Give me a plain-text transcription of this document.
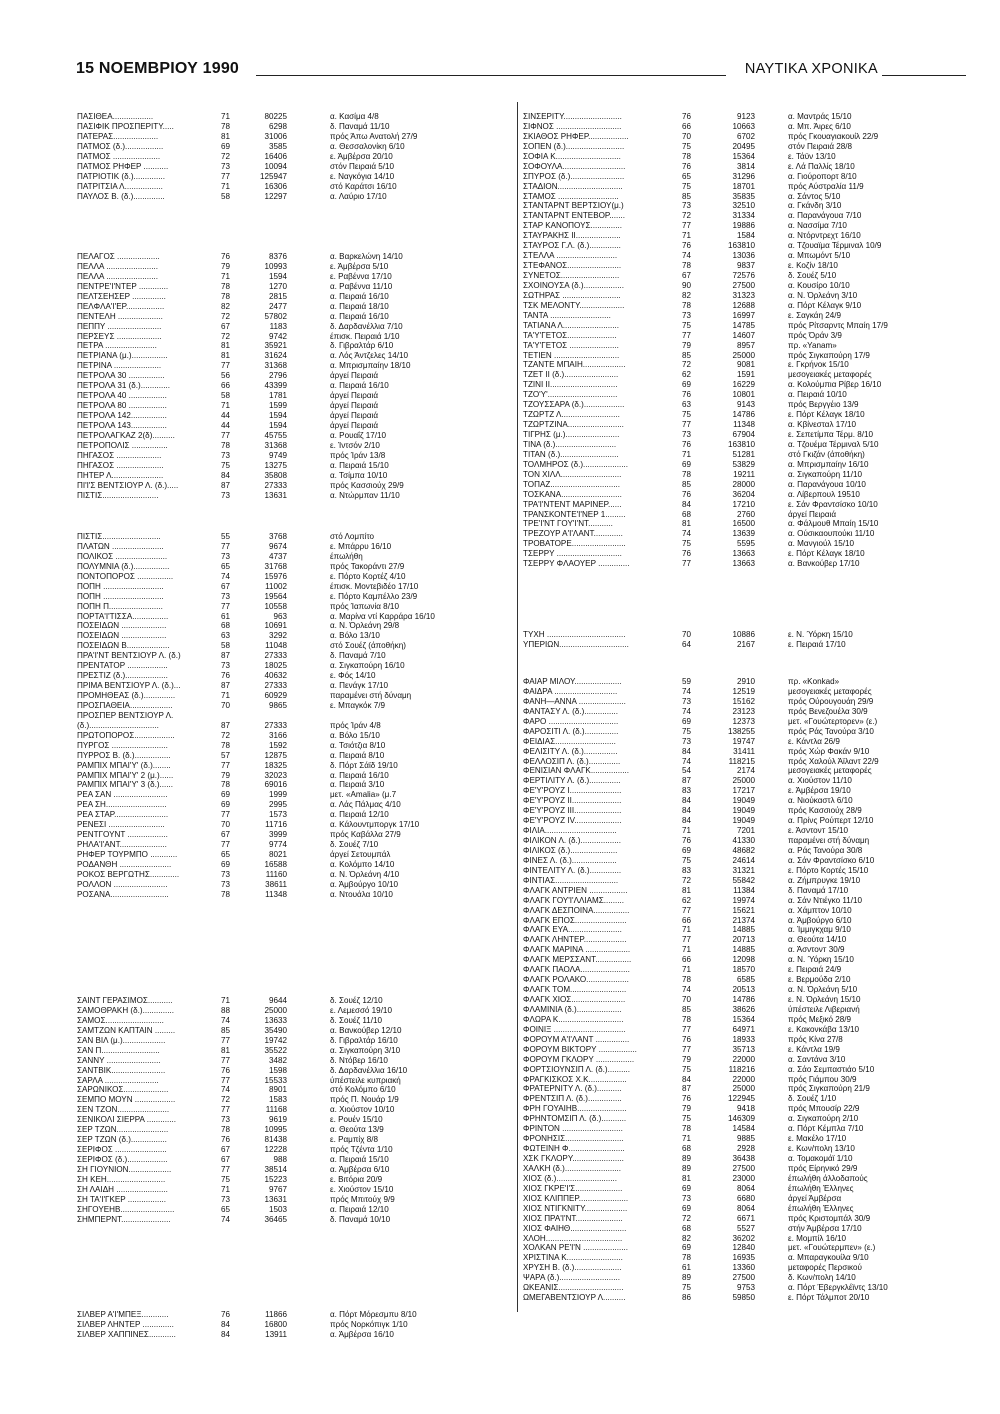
15 ΝΟΕΜΒΡΙΟΥ 1990	ΝΑΥΤΙΚΑ ΧΡΟΝΙΚΑ
ΠΑΣΙΘΕΑ..................	71	80225	α. Κασίμα 4/8
ΠΑΣΙΦΙΚ ΠΡΟΣΠΕΡΙΤΥ.....	78	6298	δ. Παναμά 11/10
ΠΑΤΕΡΑΣ....................	81	31006	πρός Άπω Ανατολή 27/9
ΠΑΤΜΟΣ (δ.).................	69	3585	α. Θεσσαλονίκη 6/10
ΠΑΤΜΟΣ .....................	72	16406	ε. Άμβέρσα 20/10
ΠΑΤΜΟΣ ΡΗΦΕΡ ...........	73	10094	στόν Πειραιά 5/10
ΠΑΤΡΙΟΤΙΚ (δ.)..............	77	125947	ε. Ναγκόγια 14/10
ΠΑΤΡΙΤΣΙΑ Λ.................	71	16306	στό Καράτσι 16/10
ΠΑΥΛΟΣ Β. (δ.)..............	58	12297	α. Λαύριο 17/10
ΠΕΛΑΓΟΣ ...................	76	8376	α. Βαρκελώνη 14/10
ΠΕΛΛΑ .......................	79	10993	ε. Άμβέρσα 5/10
ΠΕΛΛΑ .......................	71	1594	ε. Ραβέννα 17/10
ΠΕΝΤΡΕ'Ι'ΝΤΕΡ .............	78	1270	α. Ραβέννα 11/10
ΠΕΛΤΣΕΗΣΕΡ ...............	78	2815	α. Πειραιά 16/10
ΠΕΛΦΛΑ'Ι'ΕΡ.................	82	2477	α. Πειραιά 18/10
ΠΕΝΤΕΛΗ ....................	72	57802	α. Πειραιά 16/10
ΠΕΠΠΥ ........................	67	1183	δ. Δαρδανέλλια 7/10
ΠΕΡΣΕΥΣ ....................	72	9742	έπισκ. Πειραιά 1/10
ΠΕΤΡΑ .......................	81	35921	δ. Γιβραλτάρ 6/10
ΠΕΤΡΙΑΝΑ (μ.)................	81	31624	α. Λός Άντζελες 14/10
ΠΕΤΡΙΝΑ .....................	77	31368	α. Μπρισμπαίην 18/10
ΠΕΤΡΟΛΑ 30 ................	56	2796	άργεί Πειραιά
ΠΕΤΡΟΛΑ 31 (δ.).............	66	43399	α. Πειραιά 16/10
ΠΕΤΡΟΛΑ 40 .................	58	1781	άργεί Πειραιά
ΠΕΤΡΟΛΑ 80 .................	71	1599	άργεί Πειραιά
ΠΕΤΡΟΛΑ 142................	44	1594	άργεί Πειραιά
ΠΕΤΡΟΛΑ 143................	44	1594	άργεί Πειραιά
ΠΕΤΡΟΛΑΓΚΑΖ 2(δ)..........	77	45755	α. Ρουαΐζ 17/10
ΠΕΤΡΟΠΟΛΙΣ ................	78	31368	ε. Ίντσόν 2/10
ΠΗΓΑΣΟΣ ....................	73	9749	πρός Ίράν 13/8
ΠΗΓΑΣΟΣ .....................	75	13275	α. Πειραιά 15/10
ΠΗΤΕΡ Λ.......................	84	35808	α. Τσίμπα 10/10
ΠΙ'Ι'Σ ΒΕΝΤΣΙΟΥΡ Λ. (δ.).....	87	27333	πρός Κασσιούχ 29/9
ΠΙΣΤΙΣ.........................	73	13631	α. Ντώρμπαν 11/10
ΠΙΣΤΙΣ..........................	55	3768	στό Λομπίτο
ΠΛΑΤΩΝ .......................	77	9674	ε. Μπάρρυ 16/10
ΠΟΛΙΚΟΣ .......................	73	4737	έπωλήθη
ΠΟΛΥΜΝΙΑ (δ.)................	65	31768	πρός Τακοράντι 27/9
ΠΟΝΤΟΠΟΡΟΣ ................	74	15976	ε. Πόρτο Κορτέζ 4/10
ΠΟΠΗ ...........................	67	11002	έπισκ. Μοντεβιδέο 17/10
ΠΟΠΗ ...........................	73	19564	ε. Πόρτο Καμπέλλο 23/9
ΠΟΠΗ Π........................	77	10558	πρός Ίαπωνία 8/10
ΠΟΡΤΑ'Ι'ΤΙΣΣΑ................	61	963	α. Μαρίνα ντί Καρράρα 16/10
ΠΟΣΕΙΔΩΝ ....................	68	10691	α. Ν. Όρλεάνη 29/8
ΠΟΣΕΙΔΩΝ ....................	63	3292	α. Βόλο 13/10
ΠΟΣΕΙΔΩΝ Β...................	58	11048	στό Σουέζ (άποθήκη)
ΠΡΑ'Ι'ΝΤ ΒΕΝΤΣΙΟΥΡ Λ. (δ.)	87	27333	δ. Παναμά 7/10
ΠΡΕΝΤΑΤΟΡ ..................	73	18025	α. Σιγκαπούρη 16/10
ΠΡΕΣΤΙΖ (δ.)...................	76	40632	ε. Φός 14/10
ΠΡΙΜΑ ΒΕΝΤΣΙΟΥΡ Λ. (δ.)...	87	27333	α. Πενάγκ 17/10
ΠΡΟΜΗΘΕΑΣ (δ.)..............	71	60929	παραμένει στή δύναμη
ΠΡΟΣΠΑΘΕΙΑ...................	70	9865	ε. Μπαγκόκ 7/9
ΠΡΟΣΠΕΡ ΒΕΝΤΣΙΟΥΡ Λ.
(δ.)...............................	87	27333	πρός Ίράν 4/8
ΠΡΩΤΟΠΟΡΟΣ..................	72	3166	α. Βόλο 15/10
ΠΥΡΓΟΣ .........................	78	1592	α. Τσιότζια 8/10
ΠΥΡΡΟΣ Β. (δ.)................	57	12875	α. Πειραιά 8/10
ΡΑΜΠΙΧ ΜΠΑΙ'Υ' (δ.)........	77	18325	δ. Πόρτ Σάϊδ 19/10
ΡΑΜΠΙΧ ΜΠΑΙ'Υ' 2 (μ.)......	79	32023	α. Πειραιά 16/10
ΡΑΜΠΙΧ ΜΠΑΙ'Υ' 3 (δ.)......	78	69016	α. Πειραιά 3/10
ΡΕΑ ΣΑΝ ........................	69	1999	μετ. «Amalia» (μ.7
ΡΕΑ ΣΗ...........................	69	2995	α. Λάς Πάλμας 4/10
ΡΕΑ ΣΤΑΡ........................	77	1573	α. Πειραιά 12/10
ΡΕΝΕΣΙ .........................	70	11716	α. Κάλουντμποργκ 17/10
ΡΕΝΤΓΟΥΝΤ ..................	67	3999	πρός Καβάλλα 27/9
ΡΗΛΑ'Ι'ΑΝΤ.....................	77	9774	δ. Σουέζ 7/10
ΡΗΦΕΡ ΤΟΥΡΜΠΟ ............	65	8021	άργεί Σετουμπάλ
ΡΟΔΑΝΘΗ .......................	69	16588	α. Κολόμπο 14/10
ΡΟΚΟΣ ΒΕΡΓΩΤΗΣ.............	73	11160	α. Ν. Όρλεάνη 4/10
ΡΟΛΛΟΝ ........................	73	38611	α. Άμβούργο 10/10
ΡΟΣΑΝΑ..........................	78	11348	α. Ντουάλα 10/10
ΣΑΙΝΤ ΓΕΡΑΣΙΜΟΣ...........	71	9644	δ. Σουέζ 12/10
ΣΑΜΟΘΡΑΚΗ (δ.)..............	88	25000	ε. Λεμεσσό 19/10
ΣΑΜΟΣ..........................	74	13633	δ. Σουέζ 11/10
ΣΑΜΤΖΩΝ ΚΑΠΤΑΙΝ .........	85	35490	α. Βανκούβερ 12/10
ΣΑΝ ΒΙΛ (μ.)...................	77	19742	δ. Γιβραλτάρ 16/10
ΣΑΝ Π..........................	81	35522	α. Σιγκαπούρη 3/10
ΣΑΝΝΥ ........................	77	3482	δ. Ντόβερ 16/10
ΣΑΝΤΒΙΚ........................	76	1598	δ. Δαρδανέλλια 16/10
ΣΑΡΛΑ ........................	77	15533	ύπέστειλε κυπριακή
ΣΑΡΩΝΙΚΟΣ....................	74	8901	στό Κολόμπο 6/10
ΣΕΜΠΟ ΜΟΥΝ ..................	72	1583	πρός Π. Νουάρ 1/9
ΣΕΝ ΤΖΟΝ.......................	77	11168	α. Χιούστον 10/10
ΣΕΝΙΚΟΛΙ ΣΙΕΡΡΑ .............	73	9619	ε. Ρουέν 15/10
ΣΕΡ ΤΖΩΝ.......................	78	10995	α. Θεούτα 13/9
ΣΕΡ ΤΖΩΝ (δ.)................	76	81438	ε. Ραμπίχ 8/8
ΣΕΡΙΦΟΣ .......................	67	12228	πρός Τζέντα 1/10
ΣΕΡΙΦΟΣ (δ.)..................	67	988	α. Πειραιά 15/10
ΣΗ ΓΙΟΥΝΙΟΝ...................	77	38514	α. Άμβέρσα 6/10
ΣΗ ΚΕΗ..........................	75	15223	ε. Βιτόρια 20/9
ΣΗ ΛΑΙΔΗ .......................	71	9767	ε. Χιούστον 15/10
ΣΗ ΤΑ'Ι'ΓΚΕΡ .................	73	13631	πρός Μπιτούχ 9/9
ΣΗΓΟΥΕΗΒ........................	65	1503	α. Πειραιά 12/10
ΣΗΜΠΕΡΝΤ......................	74	36465	δ. Παναμά 10/10
ΣΙΛΒΕΡ Α'Ι'ΜΠΕΞ............	76	11866	α. Πόρτ Μόρεσμπυ 8/10
ΣΙΛΒΕΡ ΛΗΝΤΕΡ ..............	84	16800	πρός Νορκόπιγκ 1/10
ΣΙΛΒΕΡ ΧΑΠΠΙΝΕΣ............	84	13911	α. Άμβέρσα 16/10
ΣΙΝΣΕΡΙΤΥ..........................	76	9123	α. Μαντράς 15/10
ΣΙΦΝΟΣ .............................	66	10663	α. Μπ. Άιρες 6/10
ΣΚΙΑΘΟΣ ΡΗΦΕΡ..................	70	6702	πρός Γκουαγιακουίλ 22/9
ΣΟΠΕΝ (δ.)..........................	75	20495	στόν Πειραιά 28/8
ΣΟΦΙΑ Κ.............................	78	15364	ε. Τάϋν 13/10
ΣΟΦΟΥΛΑ............................	76	3814	ε. Λά Παλλίς 18/10
ΣΠΥΡΟΣ (δ.)........................	65	31296	α. Γιούροπορτ 8/10
ΣΤΑΔΙΟΝ.............................	75	18701	πρός Αύστραλία 11/9
ΣΤΑΜΟΣ ...........................	85	35835	α. Σάντος 5/10
ΣΤΑΝΤΑΡΝΤ ΒΕΡΤΣΙΟΥ(μ.)	73	32510	α. Γκάνδη 3/10
ΣΤΑΝΤΑΡΝΤ ΕΝΤΕΒΟΡ.......	72	31334	α. Παρανάγουα 7/10
ΣΤΑΡ ΚΑΝΟΠΟΥΣ..............	77	19886	α. Νασσίμα 7/10
ΣΤΑΥΡΑΚΗΣ ΙΙ....................	71	1584	α. Ντόρντρεχτ 16/10
ΣΤΑΥΡΟΣ Γ.Λ. (δ.)..............	76	163810	α. Τζουαϊμα Τέρμιναλ 10/9
ΣΤΕΛΛΑ ...........................	74	13036	α. Μπωμόντ 5/10
ΣΤΕΦΑΝΟΣ........................	78	9837	ε. Κοζίν 18/10
ΣΥΝΕΤΟΣ..........................	67	72576	δ. Σουέζ 5/10
ΣΧΟΙΝΟΥΣΑ (δ.)..................	90	27500	α. Κουσίρο 10/10
ΣΩΤΗΡΑΣ ..........................	82	31323	α. Ν. Όρλεάνη 3/10
ΤΣΚ ΜΕΛΟΝΤΥ....................	78	12688	α. Πόρτ Κέλαγκ 9/10
ΤΑΝΤΑ ...........................	73	16997	ε. Σαγκάη 24/9
ΤΑΤΙΑΝΑ Λ.........................	75	14785	πρός Ρίτσαρντς Μπαίη 17/9
ΤΑ'Υ'ΓΕΤΟΣ......................	77	14607	πρός Όράν 3/9
ΤΑ'Υ'ΓΕΤΟΣ ......................	79	8957	πρ. «Yanam»
ΤΕΤΙΕΝ .............................	85	25000	πρός Σιγκαπούρη 17/9
ΤΖΑΝΤΕ ΜΠΑΙΗ...................	72	9081	ε. Γκρήνοκ 15/10
ΤΖΕΤ ΙΙ (δ.)........................	62	1591	μεσογειακές μεταφορές
ΤΖΙΝΙ ΙΙ..............................	69	16229	α. Κολούμπια Ρίβερ 16/10
ΤΖΟ'Υ'...............................	76	10801	α. Πειραιά 10/10
ΤΖΟΥΣΣΑΡΑ (δ.)..................	63	9143	πρός Βεργγέιο 13/9
ΤΖΩΡΤΖ Λ..........................	75	14786	ε. Πόρτ Κέλαγκ 18/10
ΤΖΩΡΤΖΙΝΑ.........................	77	11348	α. Κβίνεσταλ 17/10
ΤΙΓΡΗΣ (μ.)........................	73	67904	ε. Σεπετίμπα Τέρμ. 8/10
ΤΙΝΑ (δ.)...........................	76	163810	α. Τζουέμα Τέρμιναλ 5/10
ΤΙΤΑΝ (δ.)..........................	71	51281	στό Γκιζάν (άποθήκη)
ΤΟΛΜΗΡΟΣ (δ.)....................	69	53829	α. Μπρισμπαίην 16/10
ΤΟΝ ΧΙΛΛ...........................	78	19211	α. Σιγκαπούρη 11/10
ΤΟΠΑΖ...............................	85	28000	α. Παρανάγουα 10/10
ΤΟΣΚΑΝΑ...........................	76	36204	α. Λίβερπουλ 19510
ΤΡΑ'Ι'ΝΤΕΝΤ ΜΑΡΙΝΕΡ......	84	17210	ε. Σάν Φραντσίσκο 10/10
ΤΡΑΝΣΚΟΝΤΕ'Ι'ΝΕΡ 1.........	68	2760	άργεί Πειραιά
ΤΡΕ'Ι'ΝΤ ΓΟΥ'Ι'ΝΤ...........	81	16500	α. Φάλμουθ Μπαίη 15/10
ΤΡΕΖΟΥΡ Α'Ι'ΛΑΝΤ.............	74	13639	α. Ούσικαουπούκι 11/10
ΤΡΟΒΑΤΟΡΕ........................	75	5595	α. Μανγιούλ 15/10
ΤΣΕΡΡΥ .............................	76	13663	ε. Πόρτ Κέλαγκ 18/10
ΤΣΕΡΡΥ ΦΛΑΟΥΕΡ ..............	77	13663	α. Βανκούβερ 17/10
ΤΥΧΗ ...................................	70	10886	ε. Ν. Ύόρκη 15/10
ΥΠΕΡΙΩΝ...............................	64	2167	ε. Πειραιά 17/10
ΦΑΙΑΡ ΜΙΛΟΥ.....................	59	2910	πρ. «Konkad»
ΦΑΙΔΡΑ ............................	74	12519	μεσογειακές μεταφορές
ΦΑΝΗ—ΑΝΝΑ .....................	73	15162	πρός Ούρουγουάη 29/9
ΦΑΝΤΑΣΥ Λ. (δ.)...............	74	23123	πρός Βενεζουέλα 30/9
ΦΑΡΟ ...............................	69	12373	μετ. «Γουώτερτορεν» (ε.)
ΦΑΡΟΣΙΤΙ Λ. (δ.)...............	75	138255	πρός Ράς Τανούρα 3/10
ΦΕΙΔΙΑΣ...........................	73	19747	ε. Κάντλα 26/9
ΦΕΛΙΣΙΤΥ Λ. (δ.)...............	84	31411	πρός Χώρ Φακάν 9/10
ΦΕΛΛΟΣΙΠ Λ. (δ.)..............	74	118215	πρός Χαλούλ Άϊλαντ 22/9
ΦΕΝΙΣΙΑΝ ΦΛΑΓΚ.................	54	2174	μεσογειακές μεταφορές
ΦΕΡΤΙΛΙΤΥ Λ. (δ.)..............	87	25000	α. Χιούστον 11/10
ΦΕ'Υ'ΡΟΥΖ Ι.......................	83	17217	ε. Άμβέρσα 19/10
ΦΕ'Υ'ΡΟΥΖ ΙΙ......................	84	19049	α. Νιούκαστλ 6/10
ΦΕ'Υ'ΡΟΥΖ ΙΙΙ.....................	84	19049	πρός Κασσιούχ 28/9
ΦΕ'Υ'ΡΟΥΖ ΙV.....................	84	19049	α. Πρίνς Ρούπερτ 12/10
ΦΙΛΙΑ................................	71	7201	ε. Άσντονт 15/10
ΦΙΛΙΚΟΝ Λ. (δ.)..................	76	41330	παραμένει στή δύναμη
ΦΙΛΙΚΟΣ (δ.).....................	69	48682	α. Ράς Τανούρα 30/8
ΦΙΝΕΣ Λ. (δ.)....................	75	24614	α. Σάν Φραντσίσκο 6/10
ΦΙΝΤΕΛΙΤΥ Λ. (δ.)..............	83	31321	ε. Πόρτο Κορτές 15/10
ΦΙΝΤΙΑΣ............................	72	55842	α. Ζήμπρυγκε 19/10
ΦΛΑΓΚ ΑΝΤΡΙΕΝ .................	81	11384	δ. Παναμά 17/10
ΦΛΑΓΚ ΓΟΥ'Ι'ΛΛΙΑΜΣ.........	62	19974	α. Σάν Ντιέγκο 11/10
ΦΛΑΓΚ ΔΕΣΠΟΙΝΑ................	77	15621	α. Χάμπτον 10/10
ΦΛΑΓΚ ΕΠΟΣ.......................	66	21374	α. Άμβούργο 6/10
ΦΛΑΓΚ ΕΥΑ........................	71	14885	α. Ίμμιγκχαμ 9/10
ΦΛΑΓΚ ΛΗΝΤΕΡ...................	77	20713	α. Θεούτα 14/10
ΦΛΑΓΚ ΜΑΡΙΝΑ ....................	71	14885	α. Άσντονт 30/9
ΦΛΑΓΚ ΜΕΡΣΣΑΝΤ................	66	12098	α. Ν. Ύόρκη 15/10
ΦΛΑΓΚ ΠΑΟΛΑ......................	71	18570	ε. Πειραιά 24/9
ΦΛΑΓΚ ΡΟΛΑΚΟ...................	78	6585	ε. Βερμούδα 2/10
ΦΛΑΓΚ ΤΟΜ.........................	74	20513	α. Ν. Όρλεάνη 5/10
ΦΛΑΓΚ ΧΙΟΣ........................	70	14786	ε. Ν. Όρλεάνη 15/10
ΦΛΑΜΙΝΙΑ (δ.)....................	85	38626	ύπέστειλε Λιβεριανή
ΦΛΩΡΑ Κ.............................	78	15364	πρός Μεξικό 28/9
ΦΟΙΝΙΞ ................................	77	64971	ε. Κακονκάβα 13/10
ΦΟΡΟΥΜ Α'Ι'ΛΑΝΤ ...............	76	18933	πρός Κίνα 27/8
ΦΟΡΟΥΜ ΒΙΚΤΟΡΥ .................	77	35713	ε. Κάντλα 19/9
ΦΟΡΟΥΜ ΓΚΛΟΡΥ .................	79	22000	α. Σαντάνα 3/10
ΦΟΡΤΣΙΟΥΝΣΙΠ Λ. (δ.)..........	75	118216	α. Σάο Σεμπαστιάο 5/10
ΦΡΑΓΚΙΣΚΟΣ Χ.Κ.................	84	22000	πρός Γιάμπου 30/9
ΦΡΑΤΕΡΝΙΤΥ Λ. (δ.)...........	87	25000	πρός Σιγκαπούρη 21/9
ΦΡΕΝΤΣΙΠ Λ. (δ.)...............	76	122945	δ. Σουέζ 1/10
ΦΡΗ ΓΟΥΑΙΗΒ......................	79	9418	πρός Μπουσίρ 22/9
ΦΡΗΝΤΟΜΣΙΠ Λ. (δ.)...........	75	146309	α. Σιγκαπούρη 2/10
ΦΡΙΝΤΟΝ ...........................	78	14584	α. Πόρτ Κέμπλα 7/10
ΦΡΟΝΗΣΙΣ..........................	71	9885	ε. Μακέλο 17/10
ΦΩΤΕΙΝΗ Φ.........................	68	2928	ε. Κων/πολη 13/10
ΧΣΚ ΓΚΛΟΡΥ.......................	89	36438	α. Τομακομάϊ 1/10
ΧΑΛΚΗ (δ.).........................	89	27500	πρός Είρηνικό 29/9
ΧΙΟΣ (δ.)...........................	81	23000	έπωλήθη άλλοδαπούς
ΧΙΟΣ ΓΚΡΕ'Ι'Σ.....................	69	8064	έπωλήθη Έλληνες
ΧΙΟΣ ΚΛΙΠΠΕΡ......................	73	6680	άργεί Άμβέρσα
ΧΙΟΣ ΝΤΙΓΚΝΙΤΥ...................	69	8064	έπωλήθη Έλληνες
ΧΙΟΣ ΠΡΑ'Ι'ΝΤ.....................	72	6671	πρός Κριστομπάλ 30/9
ΧΙΟΣ ΦΑΙΗΘ.........................	68	5527	στήν Άμβέρσα 17/10
ΧΛΟΗ..................................	82	36202	ε. Μομπίλ 16/10
ΧΟΛΚΑΝ ΡΕ'Ι'Ν ....................	69	12840	μετ. «Γουώτερμπεν» (ε.)
ΧΡΙΣΤΙΝΑ Κ.........................	78	16935	α. Μπαραγκουίλα 9/10
ΧΡΥΣΗ Β. (δ.).....................	61	13360	μεταφορές Περσικού
ΨΑΡΑ (δ.)...........................	89	27500	δ. Κων/πολη 14/10
ΩΚΕΑΝΙΣ.............................	75	9753	α. Πόρτ Έβεργκλέϊντς 13/10
ΩΜΕΓΑΒΕΝΤΣΙΟΥΡ Λ..........	86	59850	ε. Πόρτ Τάλμποτ 20/10
